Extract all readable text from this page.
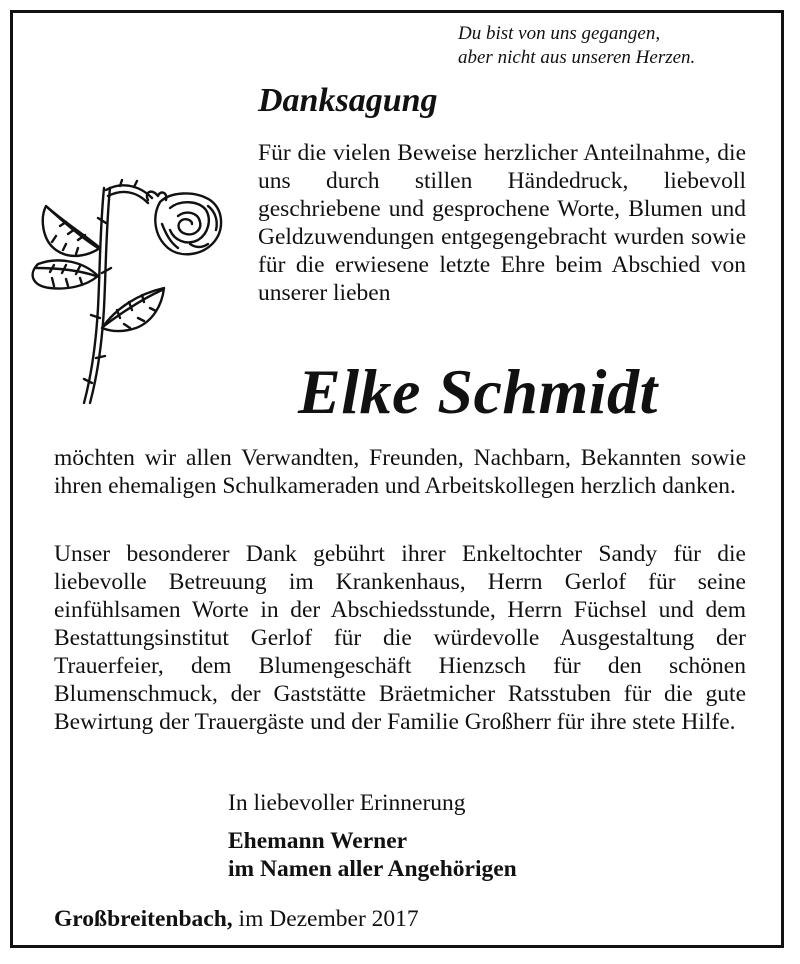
Du bist von uns gegangen,
aber nicht aus unseren Herzen.
Danksagung
Für die vielen Beweise herzlicher Anteilnahme, die uns durch stillen Händedruck, liebevoll geschriebene und gesprochene Worte, Blumen und Geldzuwendungen entgegengebracht wurden sowie für die erwiesene letzte Ehre beim Abschied von unserer lieben
Elke Schmidt

möchten wir allen Verwandten, Freunden, Nachbarn, Bekannten sowie ihren ehemaligen Schulkameraden und Arbeitskollegen herzlich danken.

Unser besonderer Dank gebührt ihrer Enkeltochter Sandy für die liebevolle Betreuung im Krankenhaus, Herrn Gerlof für seine einfühlsamen Worte in der Abschiedsstunde, Herrn Füchsel und dem Bestattungsinstitut Gerlof für die würdevolle Ausgestaltung der Trauerfeier, dem Blumengeschäft Hienzsch für den schönen Blumenschmuck, der Gaststätte Bräetmicher Ratsstuben für die gute Bewirtung der Trauergäste und der Familie Großherr für ihre stete Hilfe.

In liebevoller Erinnerung
Ehemann Werner
im Namen aller Angehörigen
Großbreitenbach, im Dezember 2017
